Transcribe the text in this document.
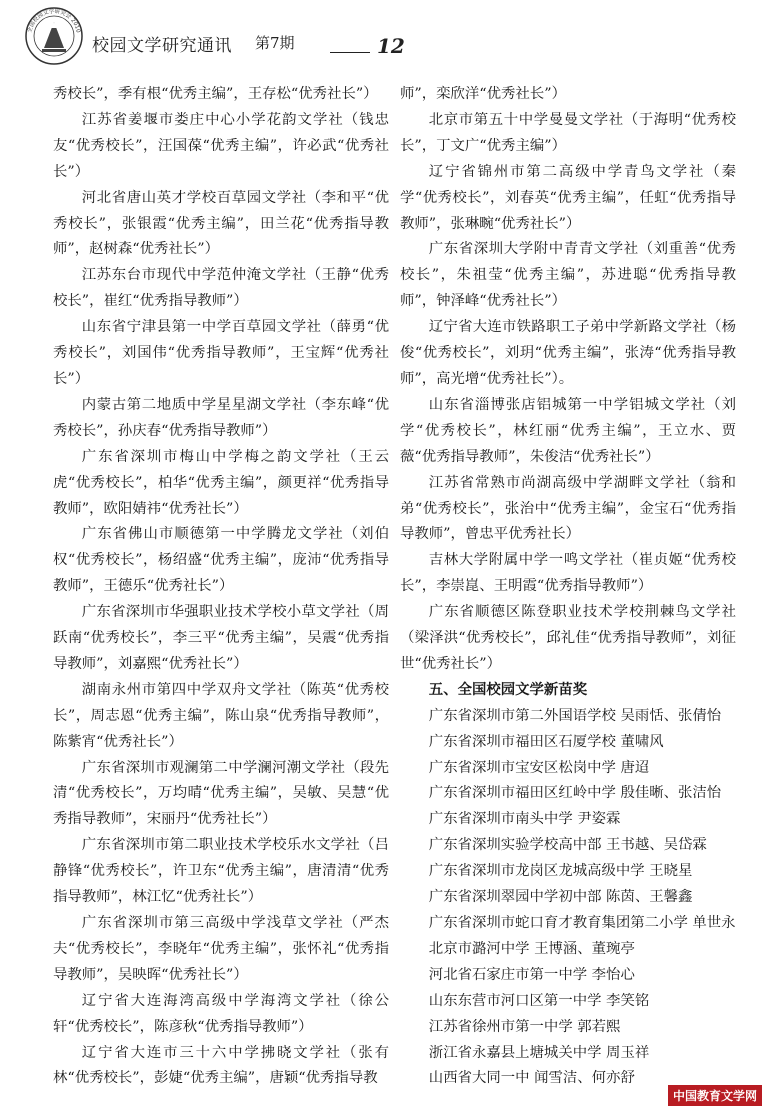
全国校园文学研究会 2010
校园文学研究通讯 第7期	12

秀校长”，季有根“优秀主编”，王存松“优秀社长”）

江苏省姜堰市娄庄中心小学花韵文学社（钱忠友“优秀校长”，汪国葆“优秀主编”，许必武“优秀社长”）

河北省唐山英才学校百草园文学社（李和平“优秀校长”，张银霞“优秀主编”，田兰花“优秀指导教师”，赵树森“优秀社长”）

江苏东台市现代中学范仲淹文学社（王静“优秀校长”，崔红“优秀指导教师”）

山东省宁津县第一中学百草园文学社（薛勇“优秀校长”，刘国伟“优秀指导教师”，王宝辉“优秀社长”）

内蒙古第二地质中学星星湖文学社（李东峰“优秀校长”，孙庆春“优秀指导教师”）

广东省深圳市梅山中学梅之韵文学社（王云虎“优秀校长”，柏华“优秀主编”，颜更祥“优秀指导教师”，欧阳婧祎“优秀社长”）

广东省佛山市顺德第一中学腾龙文学社（刘伯权“优秀校长”，杨绍盛“优秀主编”，庞沛“优秀指导教师”，王德乐“优秀社长”）

广东省深圳市华强职业技术学校小草文学社（周跃南“优秀校长”，李三平“优秀主编”，吴震“优秀指导教师”，刘嘉熙“优秀社长”）

湖南永州市第四中学双舟文学社（陈英“优秀校长”，周志恩“优秀主编”，陈山泉“优秀指导教师”，陈紫宵“优秀社长”）

广东省深圳市观澜第二中学澜河潮文学社（段先清“优秀校长”，万均晴“优秀主编”，吴敏、吴慧“优秀指导教师”，宋丽丹“优秀社长”）

广东省深圳市第二职业技术学校乐水文学社（吕静锋“优秀校长”，许卫东“优秀主编”，唐清清“优秀指导教师”，林江忆“优秀社长”）

广东省深圳市第三高级中学浅草文学社（严杰夫“优秀校长”，李晓年“优秀主编”，张怀礼“优秀指导教师”，吴映晖“优秀社长”）

辽宁省大连海湾高级中学海湾文学社（徐公轩“优秀校长”，陈彦秋“优秀指导教师”）

辽宁省大连市三十六中学拂晓文学社（张有林“优秀校长”，彭婕“优秀主编”，唐颖“优秀指导教

师”，栾欣洋“优秀社长”）

北京市第五十中学曼曼文学社（于海明“优秀校长”，丁文广“优秀主编”）

辽宁省锦州市第二高级中学青鸟文学社（秦学“优秀校长”，刘春英“优秀主编”，任虹“优秀指导教师”，张琳畹“优秀社长”）

广东省深圳大学附中青青文学社（刘重善“优秀校长”，朱祖莹“优秀主编”，苏进聪“优秀指导教师”，钟泽峰“优秀社长”）

辽宁省大连市铁路职工子弟中学新路文学社（杨俊“优秀校长”，刘玥“优秀主编”，张涛“优秀指导教师”，高光增“优秀社长”）。

山东省淄博张店铝城第一中学铝城文学社（刘学“优秀校长”，林红丽“优秀主编”，王立水、贾薇“优秀指导教师”，朱俊洁“优秀社长”）

江苏省常熟市尚湖高级中学湖畔文学社（翁和弟“优秀校长”，张治中“优秀主编”，金宝石“优秀指导教师”，曾忠平优秀社长）

吉林大学附属中学一鸣文学社（崔贞姬“优秀校长”，李崇崑、王明霞“优秀指导教师”）

广东省顺德区陈登职业技术学校荆棘鸟文学社（梁泽洪“优秀校长”，邱礼佳“优秀指导教师”，刘征世“优秀社长”）

五、全国校园文学新苗奖

广东省深圳市第二外国语学校 吴雨恬、张倩怡

广东省深圳市福田区石厦学校 董啸风

广东省深圳市宝安区松岗中学 唐迢

广东省深圳市福田区红岭中学 殷佳晰、张洁怡

广东省深圳市南头中学 尹姿霖

广东省深圳实验学校高中部 王书越、吴岱霖

广东省深圳市龙岗区龙城高级中学 王晓星

广东省深圳翠园中学初中部 陈茵、王馨鑫

广东省深圳市蛇口育才教育集团第二小学 单世永

北京市潞河中学 王博涵、董琬亭

河北省石家庄市第一中学 李怡心

山东东营市河口区第一中学 李笑铭

江苏省徐州市第一中学 郭若熙

浙江省永嘉县上塘城关中学 周玉祥

山西省大同一中 闻雪洁、何亦舒

中国教育文学网
